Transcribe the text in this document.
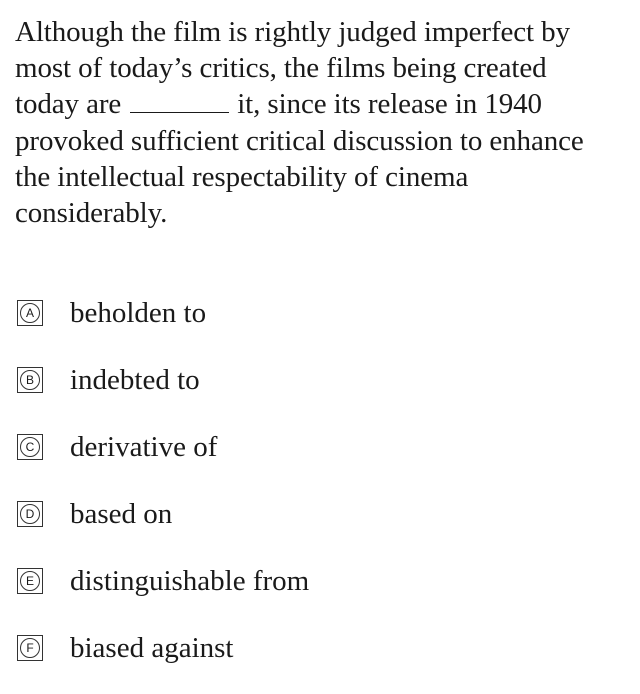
Although the film is rightly judged imperfect by
most of today’s critics, the films being created
today are	it, since its release in 1940
provoked sufficient critical discussion to enhance
the intellectual respectability of cinema
considerably.
A beholden to
B indebted to
C derivative of
D based on
E distinguishable from
F biased against
